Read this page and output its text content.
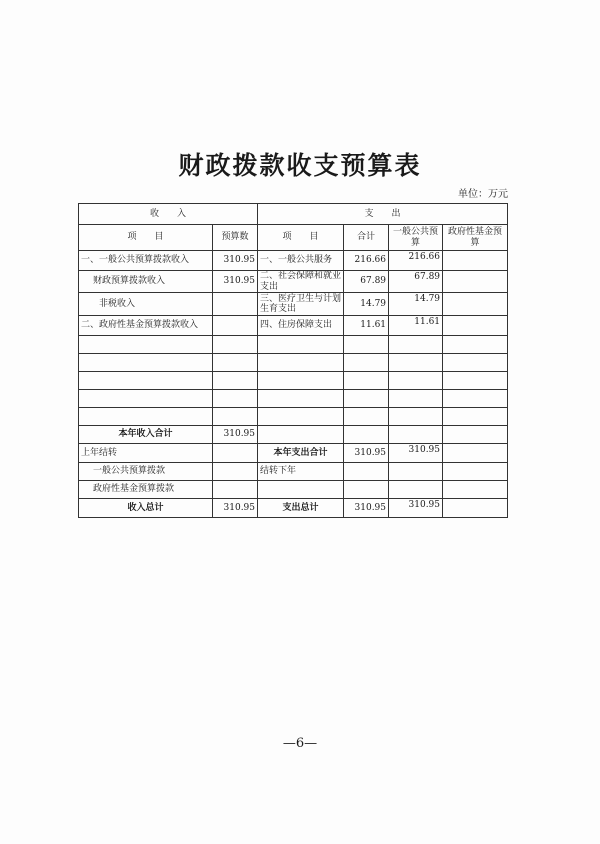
财政拨款收支预算表
单位：万元
收　　入		支　　出			
项　　目	预算数	项　　目	合计	一般公共预算	政府性基金预算
一、一般公共预算拨款收入	310.95	一、一般公共服务	216.66	216.66	
财政预算拨款收入	310.95	二、社会保障和就业支出	67.89	67.89	
非税收入		三、医疗卫生与计划生育支出	14.79	14.79	
二、政府性基金预算拨款收入		四、住房保障支出	11.61	11.61	

本年收入合计	310.95				
上年结转		本年支出合计	310.95	310.95	
一般公共预算拨款		结转下年			
政府性基金预算拨款					
收入总计	310.95	支出总计	310.95	310.95	
—6—
